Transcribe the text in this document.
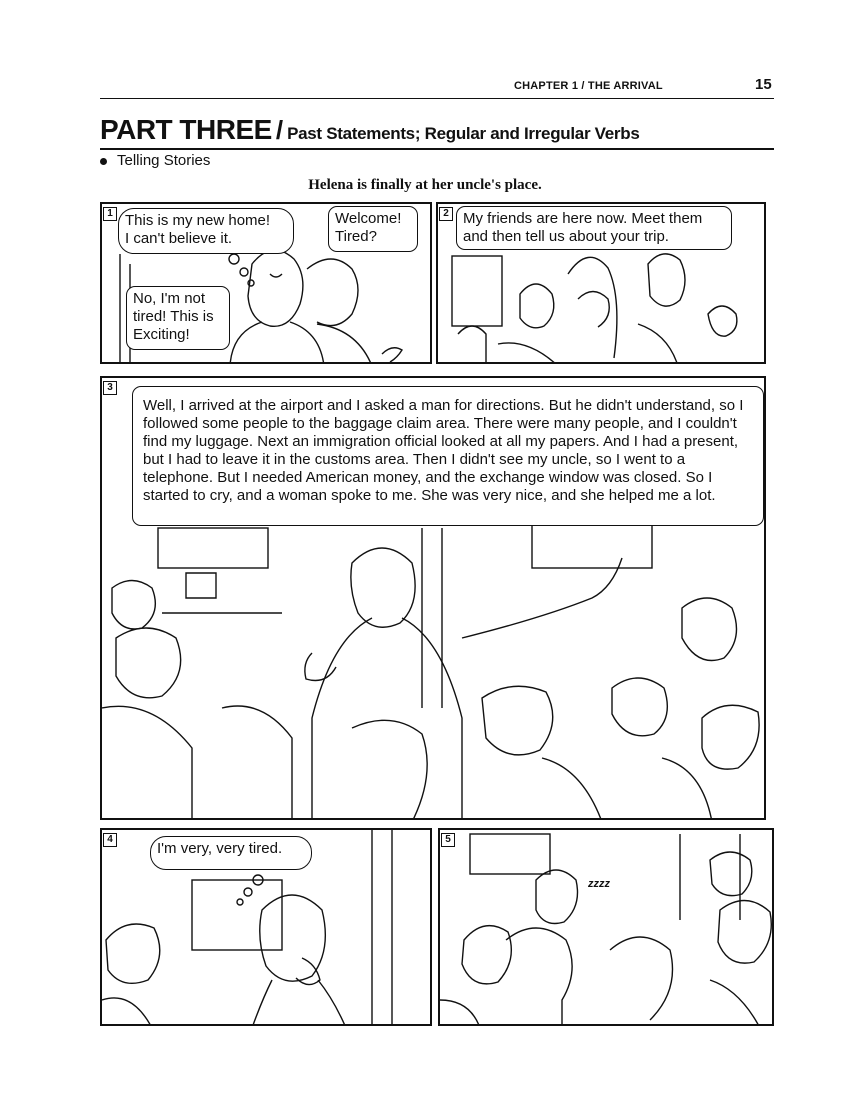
CHAPTER 1 / THE ARRIVAL	15
PART THREE / Past Statements; Regular and Irregular Verbs
Telling Stories
Helena is finally at her uncle's place.
1 This is my new home!
I can't believe it.
Welcome!
Tired?
No, I'm not
tired! This is
Exciting!
2 My friends are here now. Meet them
and then tell us about your trip.
3
Well, I arrived at the airport and I asked a man for directions. But he didn't understand, so I followed some people to the baggage claim area. There were many people, and I couldn't find my luggage. Next an immigration official looked at all my papers. And I had a present, but I had to leave it in the customs area. Then I didn't see my uncle, so I went to a telephone. But I needed American money, and the exchange window was closed. So I started to cry, and a woman spoke to me. She was very nice, and she helped me a lot.
4
I'm very, very tired.
5
zzzz
